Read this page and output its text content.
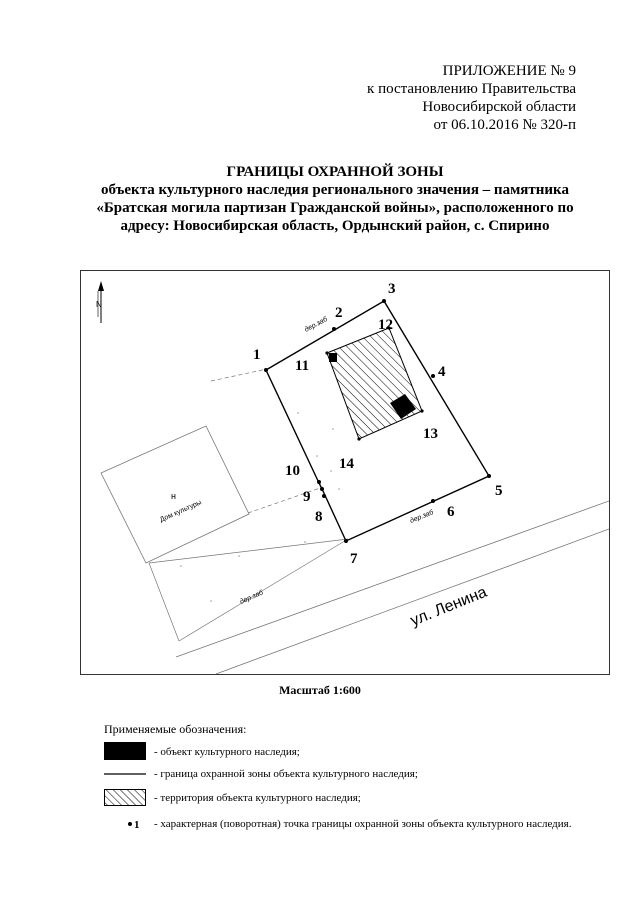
ПРИЛОЖЕНИЕ № 9
к постановлению Правительства
Новосибирской области
от 06.10.2016 № 320-п
ГРАНИЦЫ ОХРАННОЙ ЗОНЫ
объекта культурного наследия регионального значения – памятника
«Братская могила партизан Гражданской войны», расположенного по
адресу: Новосибирская область, Ордынский район, с. Спирино
N
н
Дом культуры
ул. Ленина
дер.заб
дер.заб
дер.заб
1
2
3
4
5
6
7
8
9
10
11
12
13
14
Масштаб 1:600
Применяемые обозначения:
- объект культурного наследия;
- граница охранной зоны объекта культурного наследия;
- территория объекта культурного наследия;
1 - характерная (поворотная) точка границы охранной зоны объекта культурного наследия.
